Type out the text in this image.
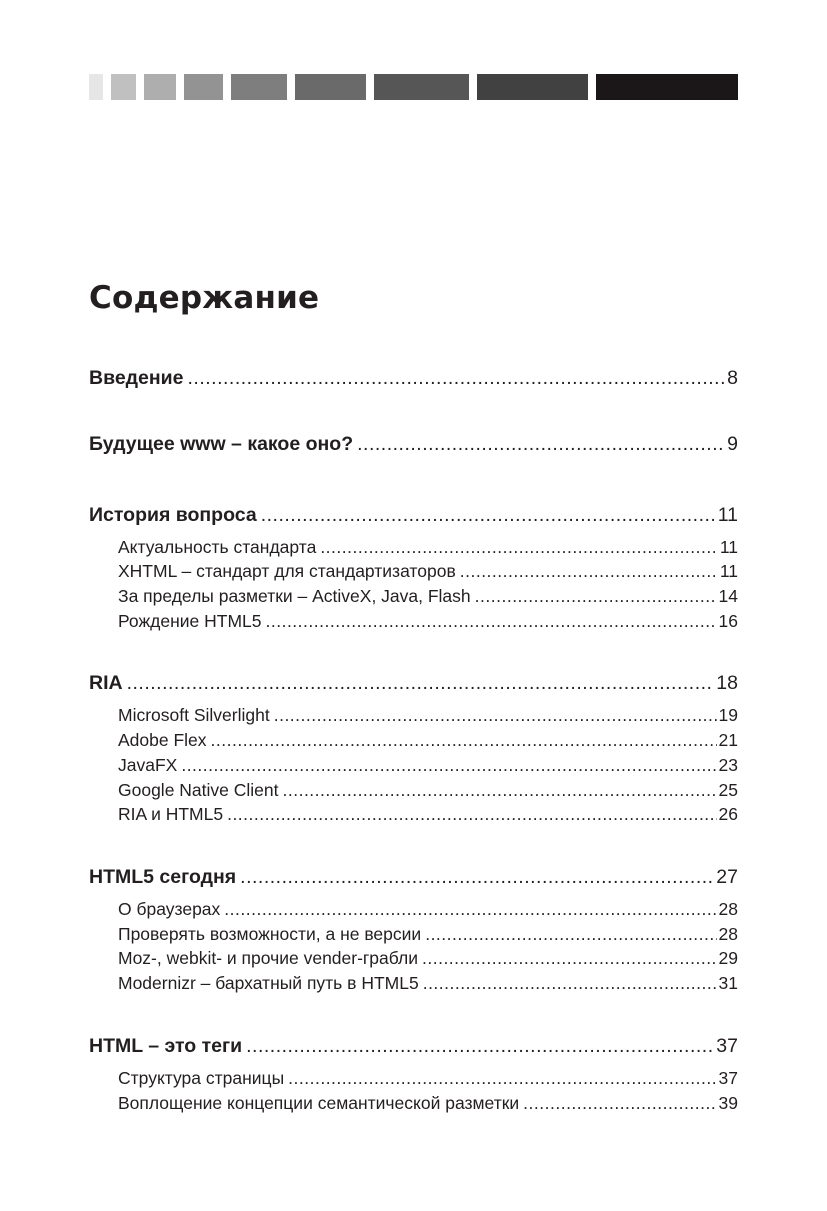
Содержание
Введение .....	8
Будущее www – какое оно? .....	9
История вопроса .....	11
Актуальность стандарта .....	11
XHTML – стандарт для стандартизаторов .....	11
За пределы разметки – ActiveX, Java, Flash .....	14
Рождение HTML5 .....	16
RIA .....	18
Microsoft Silverlight .....	19
Adobe Flex .....	21
JavaFX .....	23
Google Native Client .....	25
RIA и HTML5 .....	26
HTML5 сегодня .....	27
О браузерах .....	28
Проверять возможности, а не версии .....	28
Moz-, webkit- и прочие vender-грабли .....	29
Modernizr – бархатный путь в HTML5 .....	31
HTML – это теги .....	37
Структура страницы .....	37
Воплощение концепции семантической разметки .....	39
